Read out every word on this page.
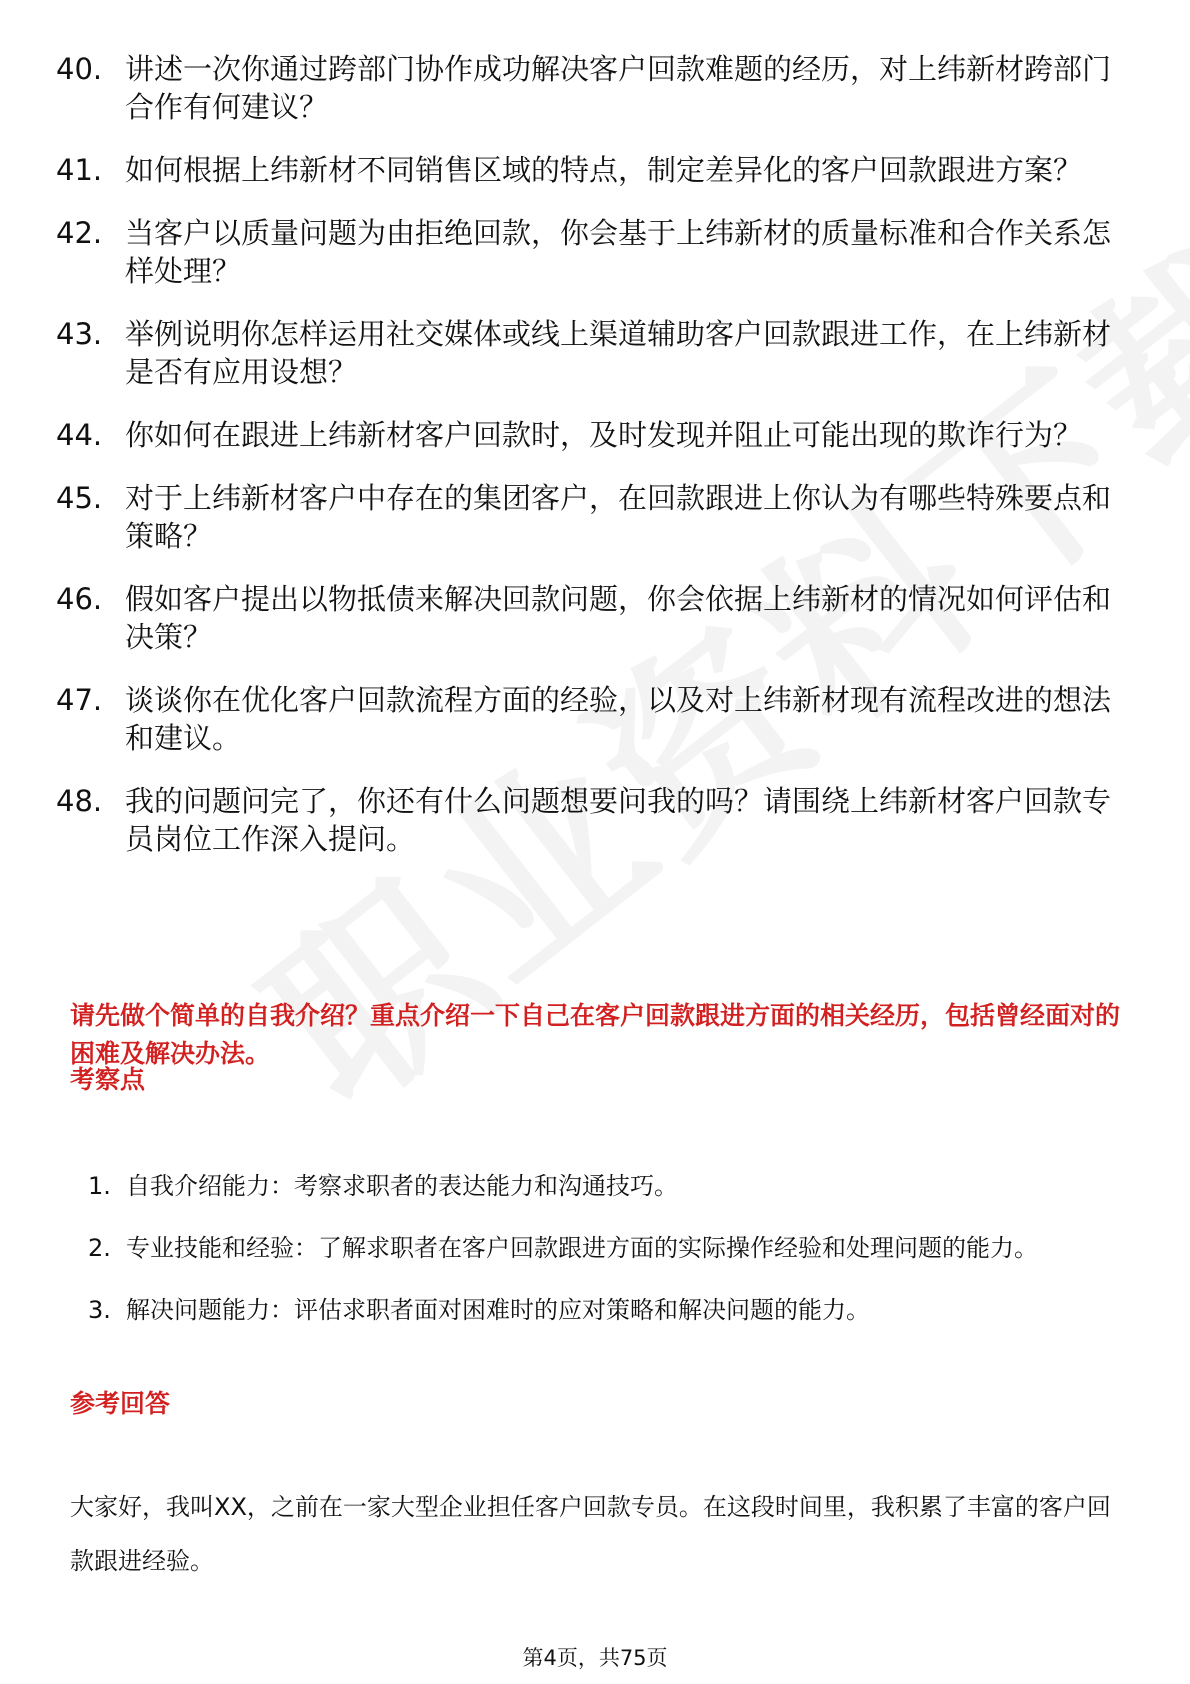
40. 讲述一次你通过跨部门协作成功解决客户回款难题的经历，对上纬新材跨部门合作有何建议？
41. 如何根据上纬新材不同销售区域的特点，制定差异化的客户回款跟进方案？
42. 当客户以质量问题为由拒绝回款，你会基于上纬新材的质量标准和合作关系怎样处理？
43. 举例说明你怎样运用社交媒体或线上渠道辅助客户回款跟进工作，在上纬新材是否有应用设想？
44. 你如何在跟进上纬新材客户回款时，及时发现并阻止可能出现的欺诈行为？
45. 对于上纬新材客户中存在的集团客户，在回款跟进上你认为有哪些特殊要点和策略？
46. 假如客户提出以物抵债来解决回款问题，你会依据上纬新材的情况如何评估和决策？
47. 谈谈你在优化客户回款流程方面的经验，以及对上纬新材现有流程改进的想法和建议。
48. 我的问题问完了，你还有什么问题想要问我的吗？请围绕上纬新材客户回款专员岗位工作深入提问。
请先做个简单的自我介绍？重点介绍一下自己在客户回款跟进方面的相关经历，包括曾经面对的困难及解决办法。
考察点
1. 自我介绍能力：考察求职者的表达能力和沟通技巧。
2. 专业技能和经验：了解求职者在客户回款跟进方面的实际操作经验和处理问题的能力。
3. 解决问题能力：评估求职者面对困难时的应对策略和解决问题的能力。
参考回答
大家好，我叫XX，之前在一家大型企业担任客户回款专员。在这段时间里，我积累了丰富的客户回款跟进经验。
第4页，共75页
